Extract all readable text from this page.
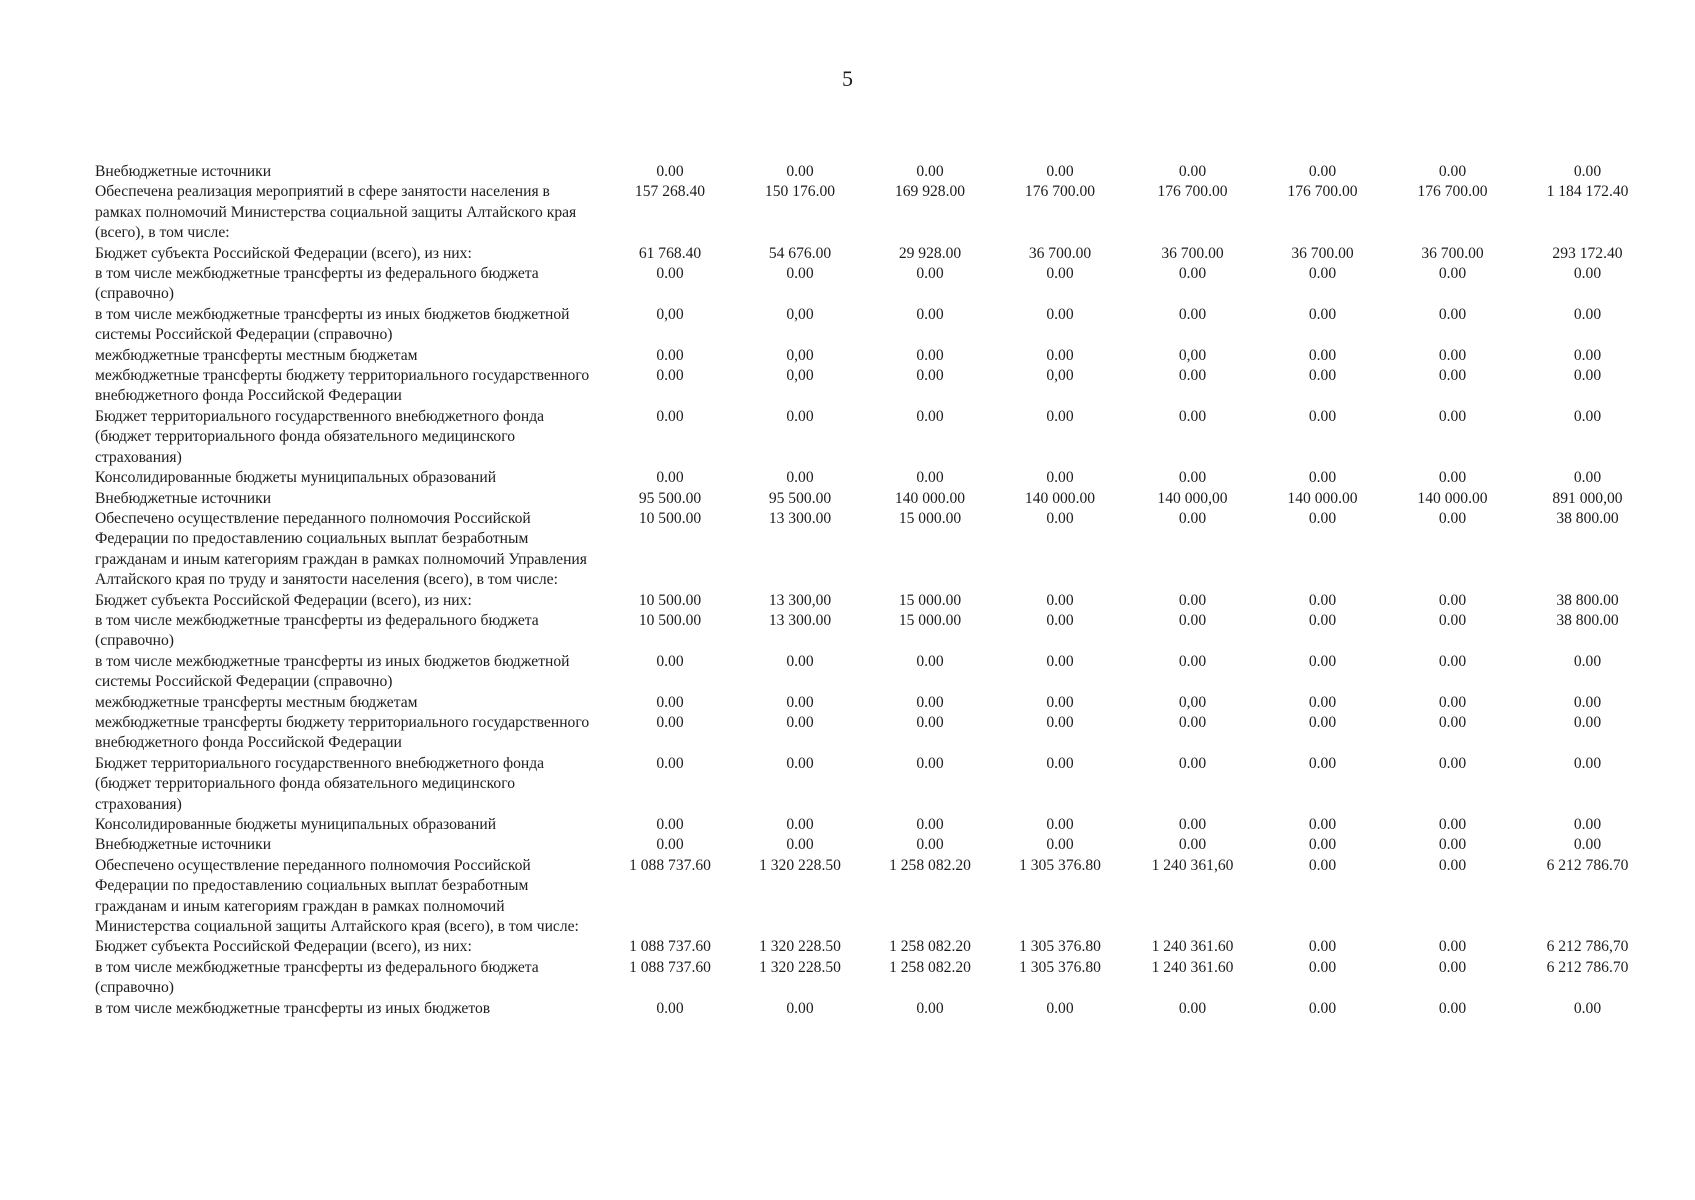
5
Внебюджетные источники	0.00	0.00	0.00	0.00	0.00	0.00	0.00	0.00
Обеспечена реализация мероприятий в сфере занятости населения в рамках полномочий Министерства социальной защиты Алтайского края (всего), в том числе:	157 268.40	150 176.00	169 928.00	176 700.00	176 700.00	176 700.00	176 700.00	1 184 172.40
Бюджет субъекта Российской Федерации (всего), из них:	61 768.40	54 676.00	29 928.00	36 700.00	36 700.00	36 700.00	36 700.00	293 172.40
в том числе межбюджетные трансферты из федерального бюджета (справочно)	0.00	0.00	0.00	0.00	0.00	0.00	0.00	0.00
в том числе межбюджетные трансферты из иных бюджетов бюджетной системы Российской Федерации (справочно)	0,00	0,00	0.00	0.00	0.00	0.00	0.00	0.00
межбюджетные трансферты местным бюджетам	0.00	0,00	0.00	0.00	0,00	0.00	0.00	0.00
межбюджетные трансферты бюджету территориального государственного внебюджетного фонда Российской Федерации	0.00	0,00	0.00	0,00	0.00	0.00	0.00	0.00
Бюджет территориального государственного внебюджетного фонда (бюджет территориального фонда обязательного медицинского страхования)	0.00	0.00	0.00	0.00	0.00	0.00	0.00	0.00
Консолидированные бюджеты муниципальных образований	0.00	0.00	0.00	0.00	0.00	0.00	0.00	0.00
Внебюджетные источники	95 500.00	95 500.00	140 000.00	140 000.00	140 000,00	140 000.00	140 000.00	891 000,00
Обеспечено осуществление переданного полномочия Российской Федерации по предоставлению социальных выплат безработным гражданам и иным категориям граждан в рамках полномочий Управления Алтайского края по труду и занятости населения (всего), в том числе:	10 500.00	13 300.00	15 000.00	0.00	0.00	0.00	0.00	38 800.00
Бюджет субъекта Российской Федерации (всего), из них:	10 500.00	13 300,00	15 000.00	0.00	0.00	0.00	0.00	38 800.00
в том числе межбюджетные трансферты из федерального бюджета (справочно)	10 500.00	13 300.00	15 000.00	0.00	0.00	0.00	0.00	38 800.00
в том числе межбюджетные трансферты из иных бюджетов бюджетной системы Российской Федерации (справочно)	0.00	0.00	0.00	0.00	0.00	0.00	0.00	0.00
межбюджетные трансферты местным бюджетам	0.00	0.00	0.00	0.00	0,00	0.00	0.00	0.00
межбюджетные трансферты бюджету территориального государственного внебюджетного фонда Российской Федерации	0.00	0.00	0.00	0.00	0.00	0.00	0.00	0.00
Бюджет территориального государственного внебюджетного фонда (бюджет территориального фонда обязательного медицинского страхования)	0.00	0.00	0.00	0.00	0.00	0.00	0.00	0.00
Консолидированные бюджеты муниципальных образований	0.00	0.00	0.00	0.00	0.00	0.00	0.00	0.00
Внебюджетные источники	0.00	0.00	0.00	0.00	0.00	0.00	0.00	0.00
Обеспечено осуществление переданного полномочия Российской Федерации по предоставлению социальных выплат безработным гражданам и иным категориям граждан в рамках полномочий Министерства социальной защиты Алтайского края (всего), в том числе:	1 088 737.60	1 320 228.50	1 258 082.20	1 305 376.80	1 240 361,60	0.00	0.00	6 212 786.70
Бюджет субъекта Российской Федерации (всего), из них:	1 088 737.60	1 320 228.50	1 258 082.20	1 305 376.80	1 240 361.60	0.00	0.00	6 212 786,70
в том числе межбюджетные трансферты из федерального бюджета (справочно)	1 088 737.60	1 320 228.50	1 258 082.20	1 305 376.80	1 240 361.60	0.00	0.00	6 212 786.70
в том числе межбюджетные трансферты из иных бюджетов	0.00	0.00	0.00	0.00	0.00	0.00	0.00	0.00
